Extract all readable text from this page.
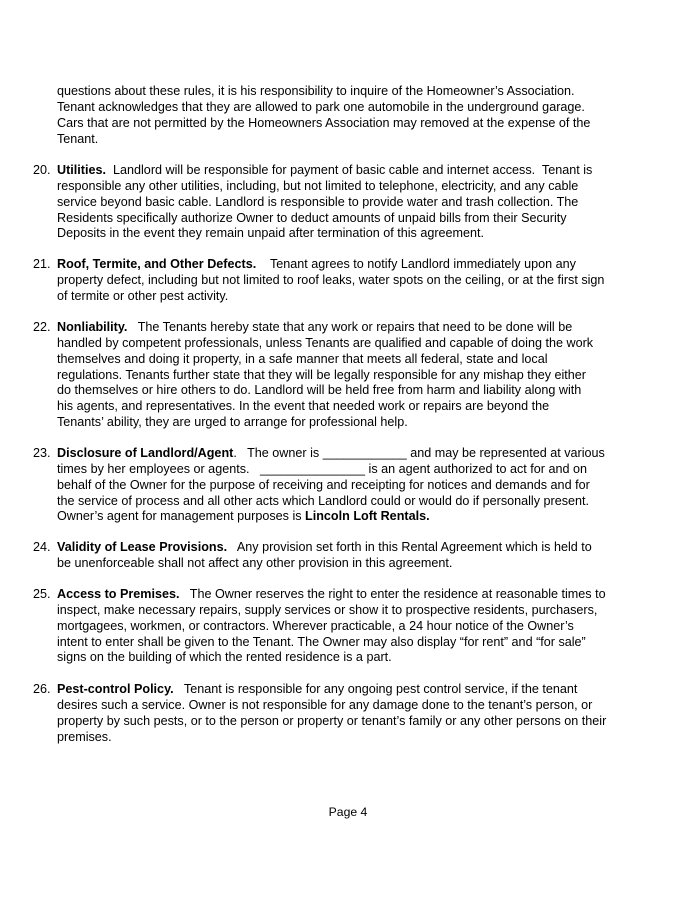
questions about these rules, it is his responsibility to inquire of the Homeowner’s Association.
Tenant acknowledges that they are allowed to park one automobile in the underground garage.
Cars that are not permitted by the Homeowners Association may removed at the expense of the
Tenant.
20. Utilities.  Landlord will be responsible for payment of basic cable and internet access.  Tenant is
responsible any other utilities, including, but not limited to telephone, electricity, and any cable
service beyond basic cable. Landlord is responsible to provide water and trash collection. The
Residents specifically authorize Owner to deduct amounts of unpaid bills from their Security
Deposits in the event they remain unpaid after termination of this agreement.
21. Roof, Termite, and Other Defects.    Tenant agrees to notify Landlord immediately upon any
property defect, including but not limited to roof leaks, water spots on the ceiling, or at the first sign
of termite or other pest activity.
22. Nonliability.   The Tenants hereby state that any work or repairs that need to be done will be
handled by competent professionals, unless Tenants are qualified and capable of doing the work
themselves and doing it property, in a safe manner that meets all federal, state and local
regulations. Tenants further state that they will be legally responsible for any mishap they either
do themselves or hire others to do. Landlord will be held free from harm and liability along with
his agents, and representatives. In the event that needed work or repairs are beyond the
Tenants’ ability, they are urged to arrange for professional help.
23. Disclosure of Landlord/Agent.   The owner is ____________ and may be represented at various
times by her employees or agents.   _______________ is an agent authorized to act for and on
behalf of the Owner for the purpose of receiving and receipting for notices and demands and for
the service of process and all other acts which Landlord could or would do if personally present.
Owner’s agent for management purposes is Lincoln Loft Rentals.
24. Validity of Lease Provisions.   Any provision set forth in this Rental Agreement which is held to
be unenforceable shall not affect any other provision in this agreement.
25. Access to Premises.   The Owner reserves the right to enter the residence at reasonable times to
inspect, make necessary repairs, supply services or show it to prospective residents, purchasers,
mortgagees, workmen, or contractors. Wherever practicable, a 24 hour notice of the Owner’s
intent to enter shall be given to the Tenant. The Owner may also display “for rent” and “for sale”
signs on the building of which the rented residence is a part.
26. Pest-control Policy.   Tenant is responsible for any ongoing pest control service, if the tenant
desires such a service. Owner is not responsible for any damage done to the tenant’s person, or
property by such pests, or to the person or property or tenant’s family or any other persons on their
premises.
Page 4
